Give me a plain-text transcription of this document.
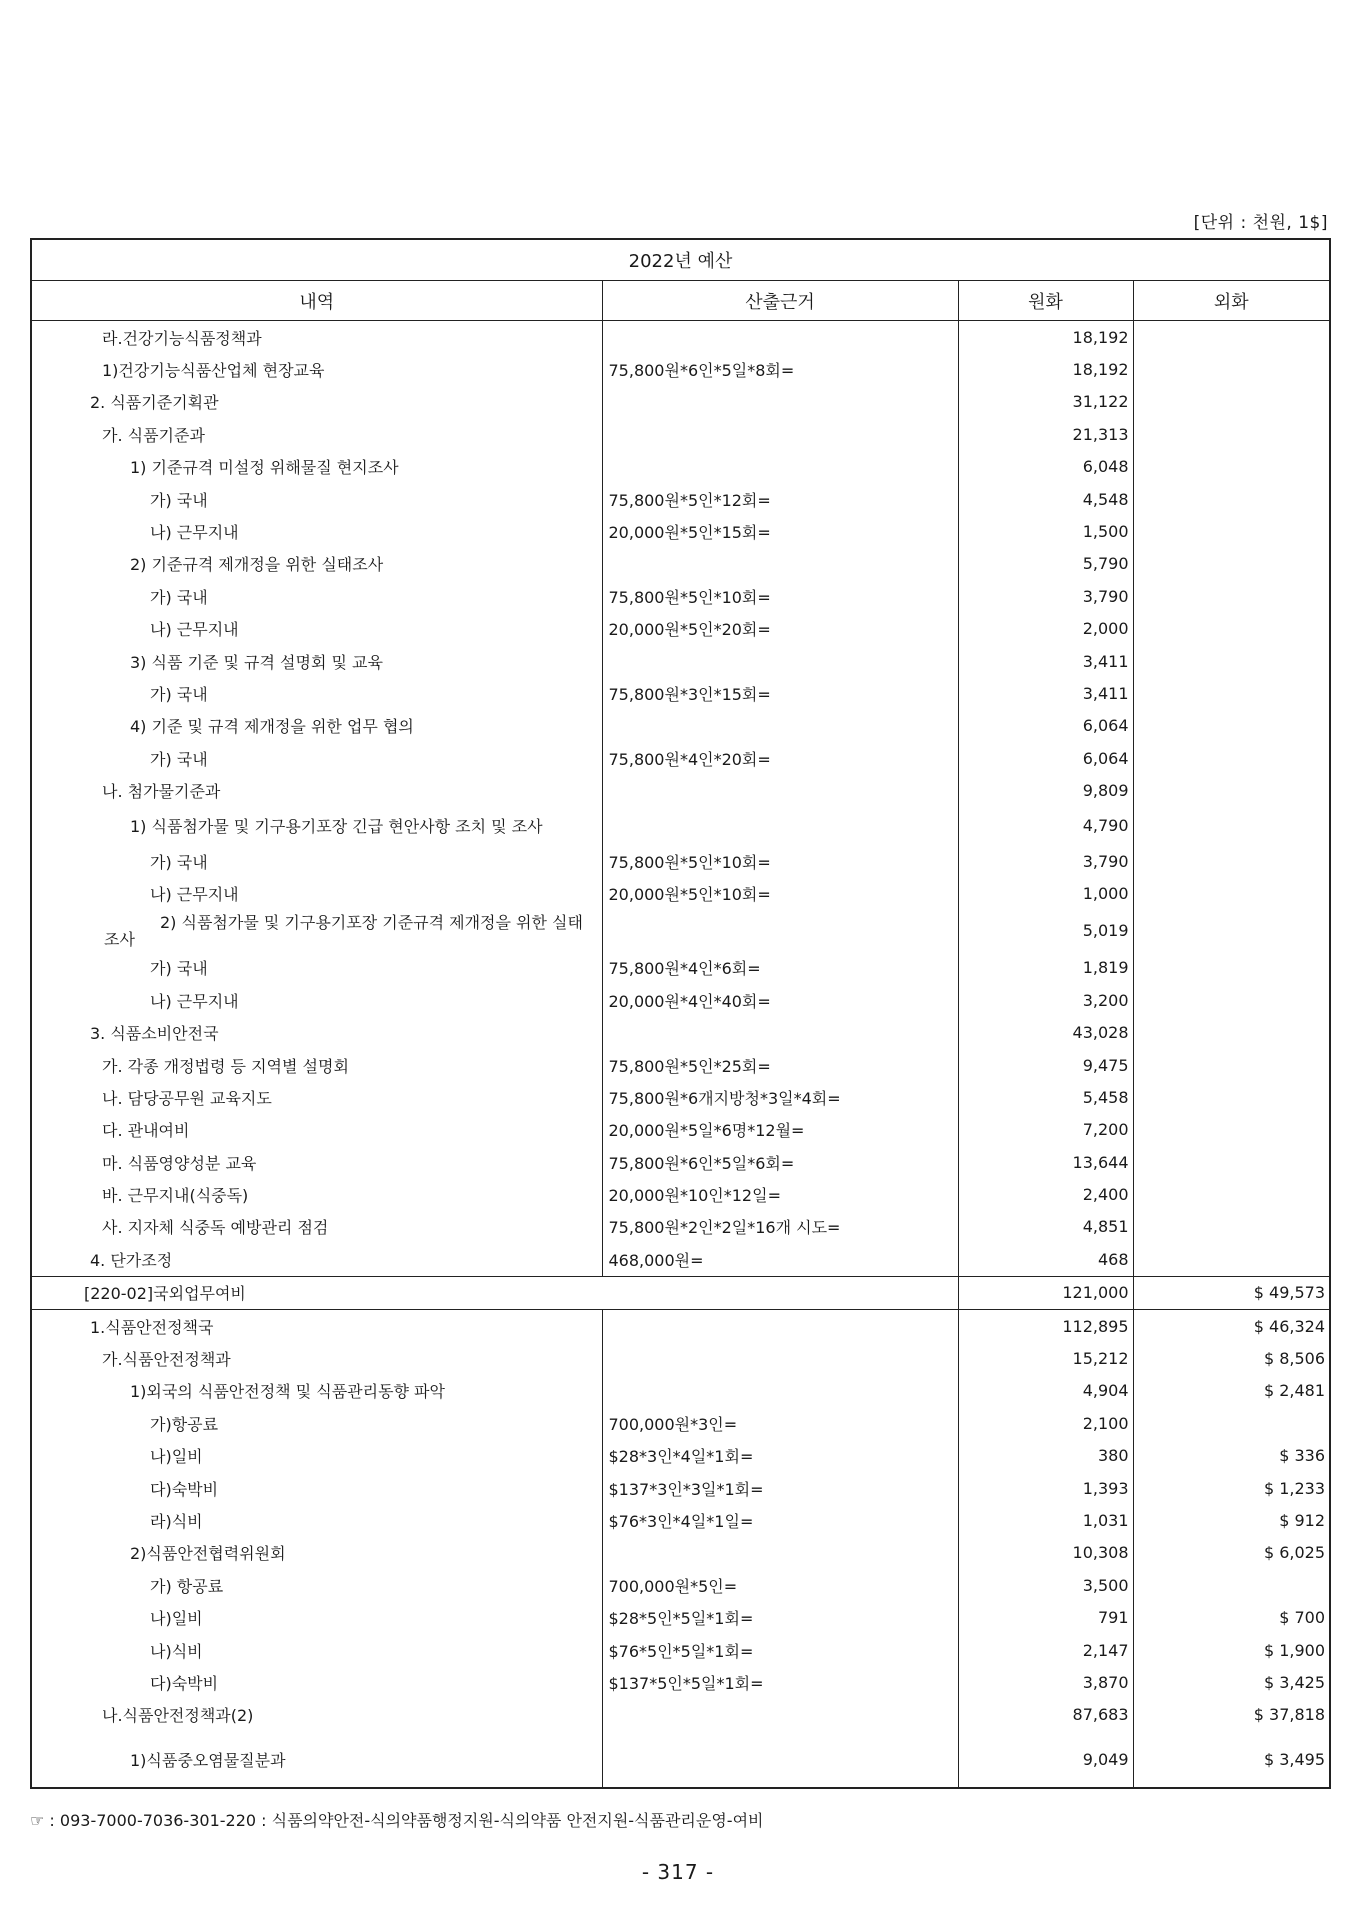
[단위 : 천원, 1$]
2022년 예산			
내역	산출근거	원화	외화
라.건강기능식품정책과		18,192	
1)건강기능식품산업체 현장교육	75,800원*6인*5일*8회=	18,192	
2. 식품기준기획관		31,122	
가. 식품기준과		21,313	
1) 기준규격 미설정 위해물질 현지조사		6,048	
가) 국내	75,800원*5인*12회=	4,548	
나) 근무지내	20,000원*5인*15회=	1,500	
2) 기준규격 제개정을 위한 실태조사		5,790	
가) 국내	75,800원*5인*10회=	3,790	
나) 근무지내	20,000원*5인*20회=	2,000	
3) 식품 기준 및 규격 설명회 및 교육		3,411	
가) 국내	75,800원*3인*15회=	3,411	
4) 기준 및 규격 제개정을 위한 업무 협의		6,064	
가) 국내	75,800원*4인*20회=	6,064	
나. 첨가물기준과		9,809	
1) 식품첨가물 및 기구용기포장 긴급 현안사항 조치 및 조사		4,790	
가) 국내	75,800원*5인*10회=	3,790	
나) 근무지내	20,000원*5인*10회=	1,000	
2) 식품첨가물 및 기구용기포장 기준규격 제개정을 위한 실태조사		5,019	
가) 국내	75,800원*4인*6회=	1,819	
나) 근무지내	20,000원*4인*40회=	3,200	
3. 식품소비안전국		43,028	
가. 각종 개정법령 등 지역별 설명회	75,800원*5인*25회=	9,475	
나. 담당공무원 교육지도	75,800원*6개지방청*3일*4회=	5,458	
다. 관내여비	20,000원*5일*6명*12월=	7,200	
마. 식품영양성분 교육	75,800원*6인*5일*6회=	13,644	
바. 근무지내(식중독)	20,000원*10인*12일=	2,400	
사. 지자체 식중독 예방관리 점검	75,800원*2인*2일*16개 시도=	4,851	
4. 단가조정	468,000원=	468	
[220-02]국외업무여비		121,000	$ 49,573
1.식품안전정책국		112,895	$ 46,324
가.식품안전정책과		15,212	$ 8,506
1)외국의 식품안전정책 및 식품관리동향 파악		4,904	$ 2,481
가)항공료	700,000원*3인=	2,100	
나)일비	$28*3인*4일*1회=	380	$ 336
다)숙박비	$137*3인*3일*1회=	1,393	$ 1,233
라)식비	$76*3인*4일*1일=	1,031	$ 912
2)식품안전협력위원회		10,308	$ 6,025
가) 항공료	700,000원*5인=	3,500	
나)일비	$28*5인*5일*1회=	791	$ 700
나)식비	$76*5인*5일*1회=	2,147	$ 1,900
다)숙박비	$137*5인*5일*1회=	3,870	$ 3,425
나.식품안전정책과(2)		87,683	$ 37,818
1)식품중오염물질분과		9,049	$ 3,495
☞ : 093-7000-7036-301-220 : 식품의약안전-식의약품행정지원-식의약품 안전지원-식품관리운영-여비
- 317 -
